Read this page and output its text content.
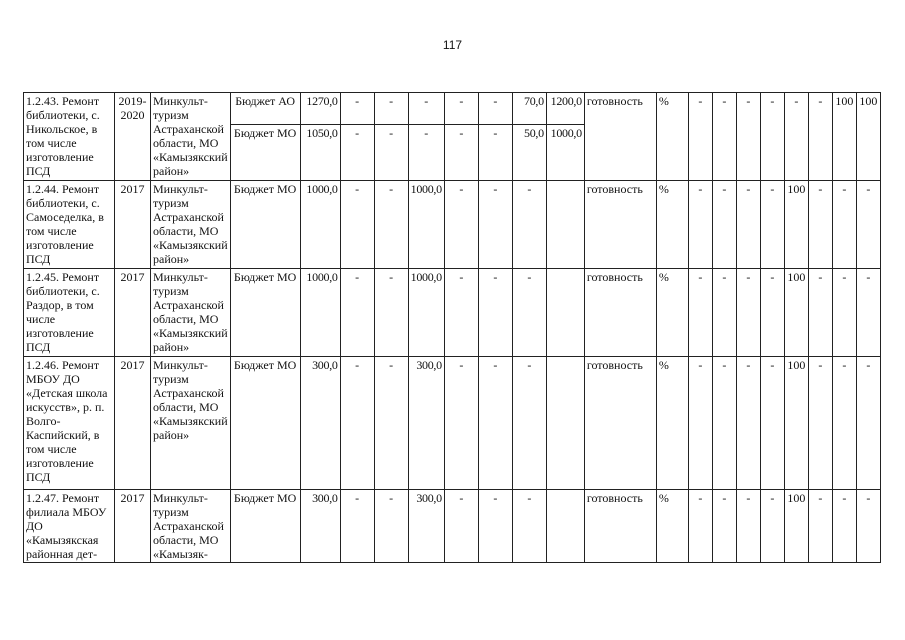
117
1.2.43. Ремонт библиотеки, с. Никольское, в том числе изготовление ПСД	2019-2020	Минкульт-туризм Астраханской области, МО «Камызякский район»	Бюджет АО	1270,0	-	-	-	-	-	70,0	1200,0	готовность	%	-	-	-	-	-	-	100	100
			Бюджет МО	1050,0	-	-	-	-	-	50,0	1000,0										
1.2.44. Ремонт библиотеки, с. Самоседелка, в том числе изготовление ПСД	2017	Минкульт-туризм Астраханской области, МО «Камызякский район»	Бюджет МО	1000,0	-	-	1000,0	-	-	-		готовность	%	-	-	-	-	100	-	-	-
1.2.45. Ремонт библиотеки, с. Раздор, в том числе изготовление ПСД	2017	Минкульт-туризм Астраханской области, МО «Камызякский район»	Бюджет МО	1000,0	-	-	1000,0	-	-	-		готовность	%	-	-	-	-	100	-	-	-
1.2.46. Ремонт МБОУ ДО «Детская школа искусств», р. п. Волго-Каспийский, в том числе изготовление ПСД	2017	Минкульт-туризм Астраханской области, МО «Камызякский район»	Бюджет МО	300,0	-	-	300,0	-	-	-		готовность	%	-	-	-	-	100	-	-	-
1.2.47. Ремонт филиала МБОУ ДО «Камызякская районная дет-	2017	Минкульт-туризм Астраханской области, МО «Камызяк-	Бюджет МО	300,0	-	-	300,0	-	-	-		готовность	%	-	-	-	-	100	-	-	-
